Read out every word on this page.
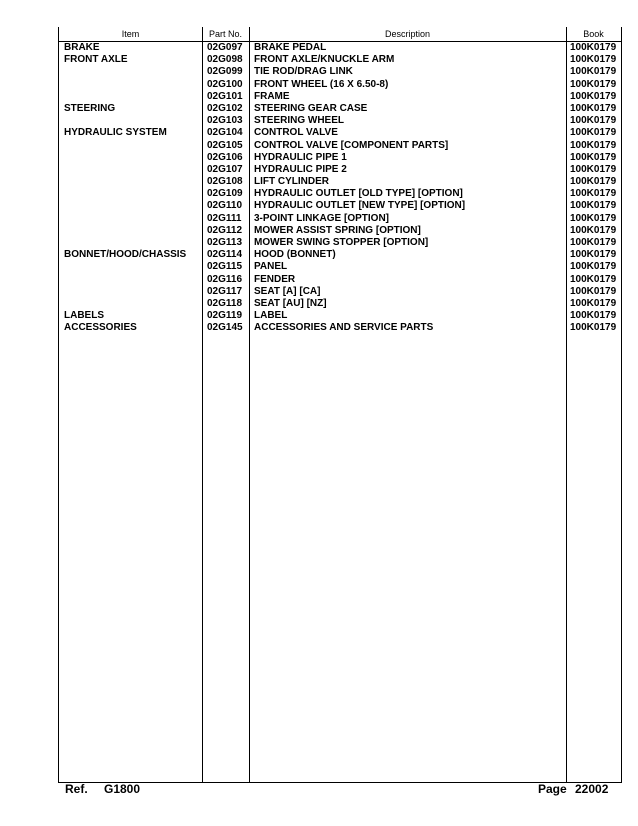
Item	Part No.	Description	Book
BRAKE	02G097 BRAKE PEDAL	100K0179
FRONT AXLE	02G098 FRONT AXLE/KNUCKLE ARM	100K0179
02G099 TIE ROD/DRAG LINK	100K0179
02G100 FRONT WHEEL (16 X 6.50-8)	100K0179
02G101 FRAME	100K0179
STEERING	02G102 STEERING GEAR CASE	100K0179
02G103 STEERING WHEEL	100K0179
HYDRAULIC SYSTEM	02G104 CONTROL VALVE	100K0179
02G105 CONTROL VALVE [COMPONENT PARTS]	100K0179
02G106 HYDRAULIC PIPE 1	100K0179
02G107 HYDRAULIC PIPE 2	100K0179
02G108 LIFT CYLINDER	100K0179
02G109 HYDRAULIC OUTLET [OLD TYPE] [OPTION]	100K0179
02G110 HYDRAULIC OUTLET [NEW TYPE] [OPTION]	100K0179
02G111 3-POINT LINKAGE [OPTION]	100K0179
02G112 MOWER ASSIST SPRING [OPTION]	100K0179
02G113 MOWER SWING STOPPER [OPTION]	100K0179
BONNET/HOOD/CHASSIS 02G114 HOOD (BONNET)	100K0179
02G115 PANEL	100K0179
02G116 FENDER	100K0179
02G117 SEAT [A] [CA]	100K0179
02G118 SEAT [AU] [NZ]	100K0179
LABELS	02G119 LABEL	100K0179
ACCESSORIES	02G145 ACCESSORIES AND SERVICE PARTS	100K0179
Ref. G1800	Page 22002
